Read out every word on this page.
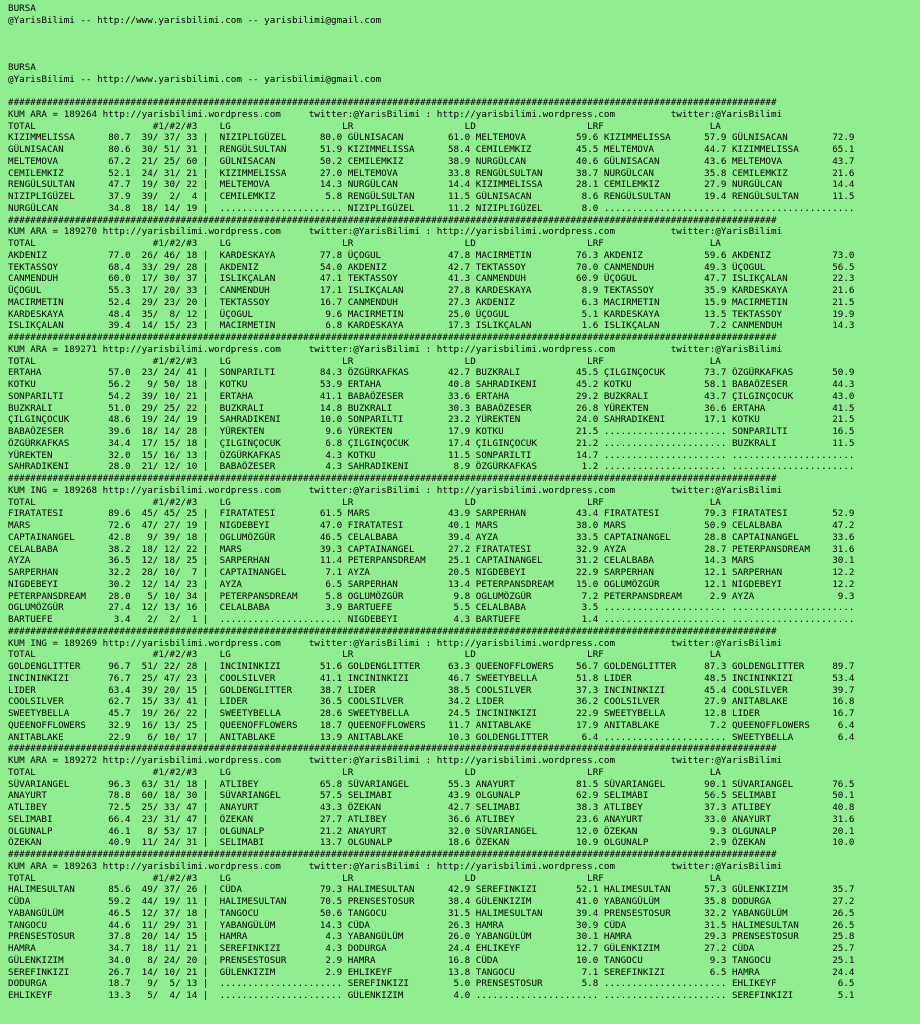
BURSA
@YarisBilimi -- http://www.yarisbilimi.com -- yarisbilimi@gmail.com
BURSA
@YarisBilimi -- http://www.yarisbilimi.com -- yarisbilimi@gmail.com
##########################################################################################################################################
KUM ARA = 189264 http://yarisbilimi.wordpress.com     twitter:@YarisBilimi : http://yarisbilimi.wordpress.com          twitter:@YarisBilimi
TOTAL                     #1/#2/#3    LG                    LR                    LD                    LRF                   LA
KIZIMMELISSA      80.7  39/ 37/ 33 |  NIZIPLIGÜZEL      80.0 GÜLNISACAN        61.0 MELTEMOVA         59.6 KIZIMMELISSA      57.9 GÜLNISACAN        72.9
GÜLNISACAN        80.6  30/ 51/ 31 |  RENGÜLSULTAN      51.9 KIZIMMELISSA      58.4 CEMILEMKIZ        45.5 MELTEMOVA         44.7 KIZIMMELISSA      65.1
MELTEMOVA         67.2  21/ 25/ 60 |  GÜLNISACAN        50.2 CEMILEMKIZ        38.9 NURGÜLCAN         40.6 GÜLNISACAN        43.6 MELTEMOVA         43.7
CEMILEMKIZ        52.1  24/ 31/ 21 |  KIZIMMELISSA      27.0 MELTEMOVA         33.8 RENGÜLSULTAN      38.7 NURGÜLCAN         35.8 CEMILEMKIZ        21.6
RENGÜLSULTAN      47.7  19/ 30/ 22 |  MELTEMOVA         14.3 NURGÜLCAN         14.4 KIZIMMELISSA      28.1 CEMILEMKIZ        27.9 NURGÜLCAN         14.4
NIZIPLIGÜZEL      37.9  39/  2/  4 |  CEMILEMKIZ         5.8 RENGÜLSULTAN      11.5 GÜLNISACAN         8.6 RENGÜLSULTAN      19.4 RENGÜLSULTAN      11.5
NURGÜLCAN         34.8  18/ 14/ 19 |  ...................... NIZIPLIGÜZEL      11.2 NIZIPLIGÜZEL       8.0 ...................... ......................
##########################################################################################################################################
KUM ARA = 189270 http://yarisbilimi.wordpress.com     twitter:@YarisBilimi : http://yarisbilimi.wordpress.com          twitter:@YarisBilimi
TOTAL                     #1/#2/#3    LG                    LR                    LD                    LRF                   LA
AKDENIZ           77.0  26/ 46/ 18 |  KARDESKAYA        77.8 ÜÇOGUL            47.8 MACIRMETIN        76.3 AKDENIZ           59.6 AKDENIZ           73.0
TEKTASSOY         68.4  33/ 29/ 28 |  AKDENIZ           54.0 AKDENIZ           42.7 TEKTASSOY         70.0 CANMENDUH         49.3 ÜÇOGUL            56.5
CANMENDUH         60.0  17/ 30/ 37 |  ISLIKÇALAN        47.1 TEKTASSOY         41.3 CANMENDUH         60.9 ÜÇOGUL            47.7 ISLIKÇALAN        22.3
ÜÇOGUL            55.3  17/ 20/ 33 |  CANMENDUH         17.1 ISLIKÇALAN        27.8 KARDESKAYA         8.9 TEKTASSOY         35.9 KARDESKAYA        21.6
MACIRMETIN        52.4  29/ 23/ 20 |  TEKTASSOY         16.7 CANMENDUH         27.3 AKDENIZ            6.3 MACIRMETIN        15.9 MACIRMETIN        21.5
KARDESKAYA        48.4  35/  8/ 12 |  ÜÇOGUL             9.6 MACIRMETIN        25.0 ÜÇOGUL             5.1 KARDESKAYA        13.5 TEKTASSOY         19.9
ISLIKÇALAN        39.4  14/ 15/ 23 |  MACIRMETIN         6.8 KARDESKAYA        17.3 ISLIKÇALAN         1.6 ISLIKÇALAN         7.2 CANMENDUH         14.3
##########################################################################################################################################
KUM ARA = 189271 http://yarisbilimi.wordpress.com     twitter:@YarisBilimi : http://yarisbilimi.wordpress.com          twitter:@YarisBilimi
TOTAL                     #1/#2/#3    LG                    LR                    LD                    LRF                   LA
ERTAHA            57.0  23/ 24/ 41 |  SONPARILTI        84.3 ÖZGÜRKAFKAS       42.7 BUZKRALI          45.5 ÇILGINÇOCUK       73.7 ÖZGÜRKAFKAS       50.9
KOTKU             56.2   9/ 50/ 18 |  KOTKU             53.9 ERTAHA            40.8 SAHRADIKENI       45.2 KOTKU             58.1 BABAÖZESER        44.3
SONPARILTI        54.2  39/ 10/ 21 |  ERTAHA            41.1 BABAÖZESER        33.6 ERTAHA            29.2 BUZKRALI          43.7 ÇILGINÇOCUK       43.0
BUZKRALI          51.0  29/ 25/ 22 |  BUZKRALI          14.8 BUZKRALI          30.3 BABAÖZESER        26.8 YÜREKTEN          36.6 ERTAHA            41.5
ÇILGINÇOCUK       48.6  19/ 24/ 19 |  SAHRADIKENI       10.0 SONPARILTI        23.2 YÜREKTEN          24.0 SAHRADIKENI       17.1 KOTKU             21.5
BABAÖZESER        39.6  18/ 14/ 28 |  YÜREKTEN           9.6 YÜREKTEN          17.9 KOTKU             21.5 ...................... SONPARILTI        16.5
ÖZGÜRKAFKAS       34.4  17/ 15/ 18 |  ÇILGINÇOCUK        6.8 ÇILGINÇOCUK       17.4 ÇILGINÇOCUK       21.2 ...................... BUZKRALI          11.5
YÜREKTEN          32.0  15/ 16/ 13 |  ÖZGÜRKAFKAS        4.3 KOTKU             11.5 SONPARILTI        14.7 ...................... ......................
SAHRADIKENI       28.0  21/ 12/ 10 |  BABAÖZESER         4.3 SAHRADIKENI        8.9 ÖZGÜRKAFKAS        1.2 ...................... ......................
##########################################################################################################################################
KUM ING = 189268 http://yarisbilimi.wordpress.com     twitter:@YarisBilimi : http://yarisbilimi.wordpress.com          twitter:@YarisBilimi
TOTAL                     #1/#2/#3    LG                    LR                    LD                    LRF                   LA
FIRATATESI        89.6  45/ 45/ 25 |  FIRATATESI        61.5 MARS              43.9 SARPERHAN         43.4 FIRATATESI        79.3 FIRATATESI        52.9
MARS              72.6  47/ 27/ 19 |  NIGDEBEYI         47.0 FIRATATESI        40.1 MARS              38.0 MARS              50.9 CELALBABA         47.2
CAPTAINANGEL      42.8   9/ 39/ 18 |  OGLUMÖZGÜR        46.5 CELALBABA         39.4 AYZA              33.5 CAPTAINANGEL      28.8 CAPTAINANGEL      33.6
CELALBABA         38.2  18/ 12/ 22 |  MARS              39.3 CAPTAINANGEL      27.2 FIRATATESI        32.9 AYZA              28.7 PETERPANSDREAM    31.6
AYZA              36.5  12/ 18/ 25 |  SARPERHAN         11.4 PETERPANSDREAM    25.1 CAPTAINANGEL      31.2 CELALBABA         14.3 MARS              30.1
SARPERHAN         32.2  28/ 10/  7 |  CAPTAINANGEL       7.1 AYZA              20.5 NIGDEBEYI         22.9 SARPERHAN         12.1 SARPERHAN         12.2
NIGDEBEYI         30.2  12/ 14/ 23 |  AYZA               6.5 SARPERHAN         13.4 PETERPANSDREAM    15.0 OGLUMÖZGÜR        12.1 NIGDEBEYI         12.2
PETERPANSDREAM    28.0   5/ 10/ 34 |  PETERPANSDREAM     5.8 OGLUMÖZGÜR         9.8 OGLUMÖZGÜR         7.2 PETERPANSDREAM     2.9 AYZA               9.3
OGLUMÖZGÜR        27.4  12/ 13/ 16 |  CELALBABA          3.9 BARTUEFE           5.5 CELALBABA          3.5 ...................... ......................
BARTUEFE           3.4   2/  2/  1 |  ...................... NIGDEBEYI          4.3 BARTUEFE           1.4 ...................... ......................
##########################################################################################################################################
KUM ING = 189269 http://yarisbilimi.wordpress.com     twitter:@YarisBilimi : http://yarisbilimi.wordpress.com          twitter:@YarisBilimi
TOTAL                     #1/#2/#3    LG                    LR                    LD                    LRF                   LA
GOLDENGLITTER     96.7  51/ 22/ 28 |  INCININKIZI       51.6 GOLDENGLITTER     63.3 QUEENOFFLOWERS    56.7 GOLDENGLITTER     87.3 GOLDENGLITTER     89.7
INCININKIZI       76.7  25/ 47/ 23 |  COOLSILVER        41.1 INCININKIZI       46.7 SWEETYBELLA       51.8 LIDER             48.5 INCININKIZI       53.4
LIDER             63.4  39/ 20/ 15 |  GOLDENGLITTER     38.7 LIDER             38.5 COOLSILVER        37.3 INCININKIZI       45.4 COOLSILVER        39.7
COOLSILVER        62.7  15/ 33/ 41 |  LIDER             36.5 COOLSILVER        34.2 LIDER             36.2 COOLSILVER        27.9 ANITABLAKE        16.8
SWEETYBELLA       45.7  19/ 26/ 22 |  SWEETYBELLA       28.6 SWEETYBELLA       24.5 INCININKIZI       22.9 SWEETYBELLA       12.8 LIDER             16.7
QUEENOFFLOWERS    32.9  16/ 13/ 25 |  QUEENOFFLOWERS    18.7 QUEENOFFLOWERS    11.7 ANITABLAKE        17.9 ANITABLAKE         7.2 QUEENOFFLOWERS     6.4
ANITABLAKE        22.9   6/ 10/ 17 |  ANITABLAKE        13.9 ANITABLAKE        10.3 GOLDENGLITTER      6.4 ...................... SWEETYBELLA        6.4
##########################################################################################################################################
KUM ARA = 189272 http://yarisbilimi.wordpress.com     twitter:@YarisBilimi : http://yarisbilimi.wordpress.com          twitter:@YarisBilimi
TOTAL                     #1/#2/#3    LG                    LR                    LD                    LRF                   LA
SÜVARIANGEL       96.3  63/ 31/ 18 |  ATLIBEY           65.8 SÜVARIANGEL       55.3 ANAYURT           81.5 SÜVARIANGEL       90.1 SÜVARIANGEL       76.5
ANAYURT           78.8  60/ 18/ 30 |  SÜVARIANGEL       57.5 SELIMABI          43.9 OLGUNALP          62.9 SELIMABI          56.5 SELIMABI          50.1
ATLIBEY           72.5  25/ 33/ 47 |  ANAYURT           43.3 ÖZEKAN            42.7 SELIMABI          38.3 ATLIBEY           37.3 ATLIBEY           40.8
SELIMABI          66.4  23/ 31/ 47 |  ÖZEKAN            27.7 ATLIBEY           36.6 ATLIBEY           23.6 ANAYURT           33.0 ANAYURT           31.6
OLGUNALP          46.1   8/ 53/ 17 |  OLGUNALP          21.2 ANAYURT           32.0 SÜVARIANGEL       12.0 ÖZEKAN             9.3 OLGUNALP          20.1
ÖZEKAN            40.9  11/ 24/ 31 |  SELIMABI          13.7 OLGUNALP          18.6 ÖZEKAN            10.9 OLGUNALP           2.9 ÖZEKAN            10.0
##########################################################################################################################################
KUM ARA = 189263 http://yarisbilimi.wordpress.com     twitter:@YarisBilimi : http://yarisbilimi.wordpress.com          twitter:@YarisBilimi
TOTAL                     #1/#2/#3    LG                    LR                    LD                    LRF                   LA
HALIMESULTAN      85.6  49/ 37/ 26 |  CÜDA              79.3 HALIMESULTAN      42.9 SEREFINKIZI       52.1 HALIMESULTAN      57.3 GÜLENKIZIM        35.7
CÜDA              59.2  44/ 19/ 11 |  HALIMESULTAN      70.5 PRENSESTOSUR      38.4 GÜLENKIZIM        41.0 YABANGÜLÜM        35.8 DODURGA           27.2
YABANGÜLÜM        46.5  12/ 37/ 18 |  TANGOCU           50.6 TANGOCU           31.5 HALIMESULTAN      39.4 PRENSESTOSUR      32.2 YABANGÜLÜM        26.5
TANGOCU           44.6  11/ 29/ 31 |  YABANGÜLÜM        14.3 CÜDA              26.3 HAMRA             30.9 CÜDA              31.5 HALIMESULTAN      26.5
PRENSESTOSUR      37.8  20/ 14/ 15 |  HAMRA              4.3 YABANGÜLÜM        26.0 YABANGÜLÜM        30.1 HAMRA             29.3 PRENSESTOSUR      25.8
HAMRA             34.7  18/ 11/ 21 |  SEREFINKIZI        4.3 DODURGA           24.4 EHLIKEYF          12.7 GÜLENKIZIM        27.2 CÜDA              25.7
GÜLENKIZIM        34.0   8/ 24/ 20 |  PRENSESTOSUR       2.9 HAMRA             16.8 CÜDA              10.0 TANGOCU            9.3 TANGOCU           25.1
SEREFINKIZI       26.7  14/ 10/ 21 |  GÜLENKIZIM         2.9 EHLIKEYF          13.8 TANGOCU            7.1 SEREFINKIZI        6.5 HAMRA             24.4
DODURGA           18.7   9/  5/ 13 |  ...................... SEREFINKIZI        5.0 PRENSESTOSUR       5.8 ...................... EHLIKEYF           6.5
EHLIKEYF          13.3   5/  4/ 14 |  ...................... GÜLENKIZIM         4.0 ...................... ...................... SEREFINKIZI        5.1
